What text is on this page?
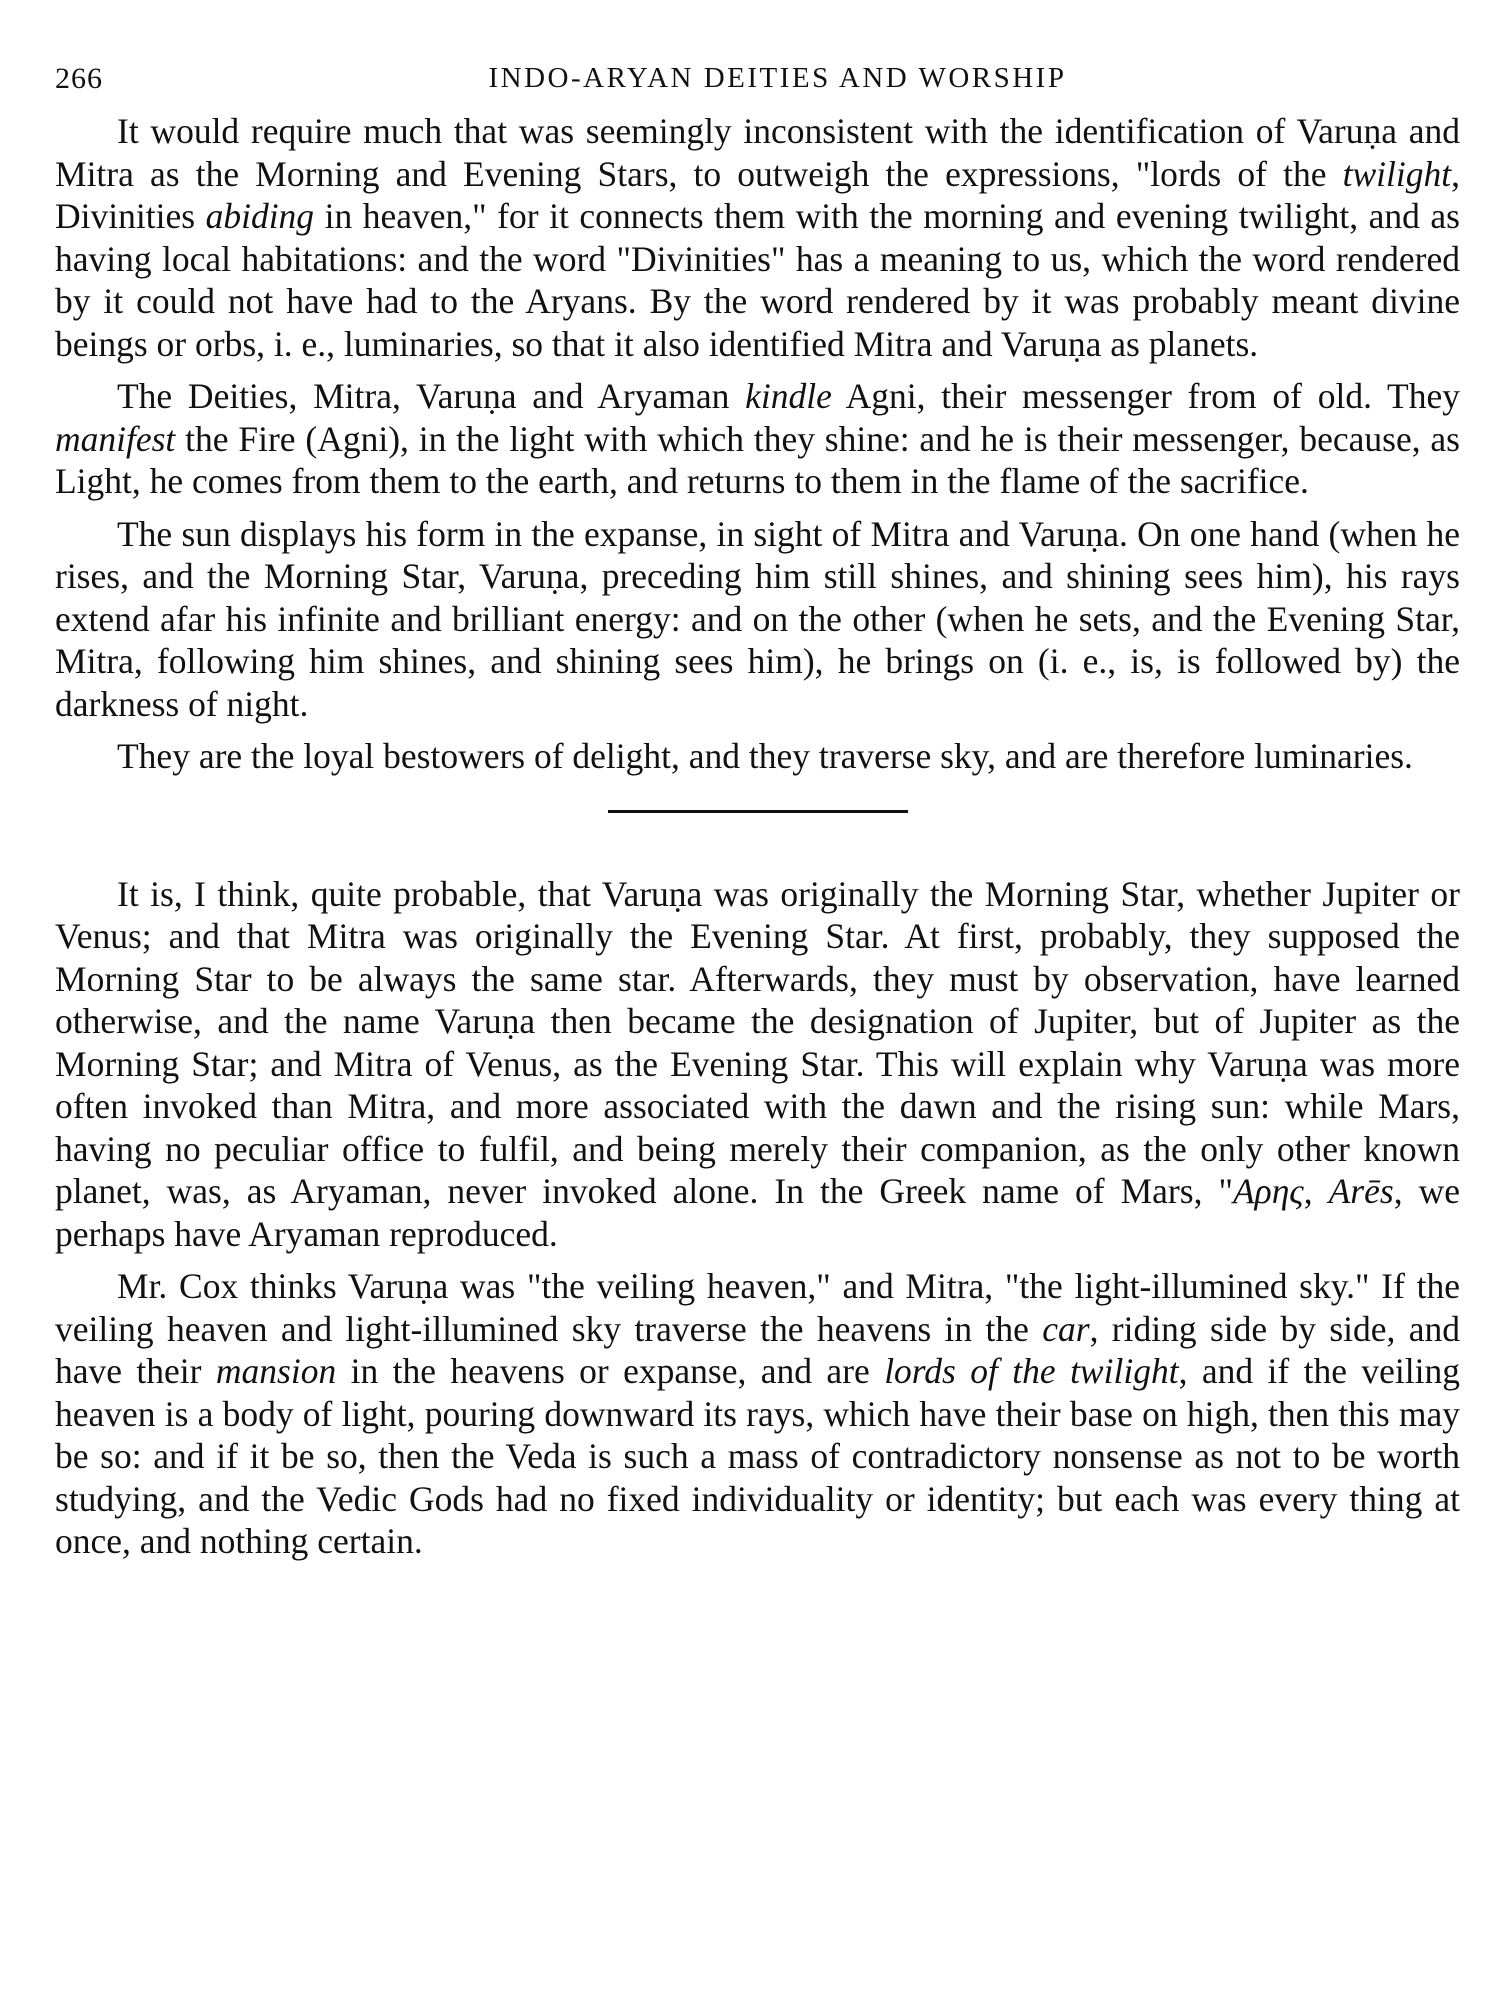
266	INDO-ARYAN DEITIES AND WORSHIP

It would require much that was seemingly inconsistent with the identification of Varuṇa and Mitra as the Morning and Evening Stars, to outweigh the expressions, "lords of the twilight, Divinities abiding in heaven," for it connects them with the morning and evening twilight, and as having local habitations: and the word "Divinities" has a meaning to us, which the word rendered by it could not have had to the Aryans. By the word rendered by it was probably meant divine beings or orbs, i. e., luminaries, so that it also identified Mitra and Varuṇa as planets.

The Deities, Mitra, Varuṇa and Aryaman kindle Agni, their messenger from of old. They manifest the Fire (Agni), in the light with which they shine: and he is their messenger, because, as Light, he comes from them to the earth, and returns to them in the flame of the sacrifice.

The sun displays his form in the expanse, in sight of Mitra and Varuṇa. On one hand (when he rises, and the Morning Star, Varuṇa, preceding him still shines, and shining sees him), his rays extend afar his infinite and brilliant energy: and on the other (when he sets, and the Evening Star, Mitra, following him shines, and shining sees him), he brings on (i. e., is, is followed by) the darkness of night.

They are the loyal bestowers of delight, and they traverse sky, and are therefore luminaries.

It is, I think, quite probable, that Varuṇa was originally the Morning Star, whether Jupiter or Venus; and that Mitra was originally the Evening Star. At first, probably, they supposed the Morning Star to be always the same star. Afterwards, they must by observation, have learned otherwise, and the name Varuṇa then became the designation of Jupiter, but of Jupiter as the Morning Star; and Mitra of Venus, as the Evening Star. This will explain why Varuṇa was more often invoked than Mitra, and more associated with the dawn and the rising sun: while Mars, having no peculiar office to fulfil, and being merely their companion, as the only other known planet, was, as Aryaman, never invoked alone. In the Greek name of Mars, "Αρης, Arēs, we perhaps have Aryaman reproduced.

Mr. Cox thinks Varuṇa was "the veiling heaven," and Mitra, "the light-illumined sky." If the veiling heaven and light-illumined sky traverse the heavens in the car, riding side by side, and have their mansion in the heavens or expanse, and are lords of the twilight, and if the veiling heaven is a body of light, pouring downward its rays, which have their base on high, then this may be so: and if it be so, then the Veda is such a mass of contradictory nonsense as not to be worth studying, and the Vedic Gods had no fixed individuality or identity; but each was every thing at once, and nothing certain.
